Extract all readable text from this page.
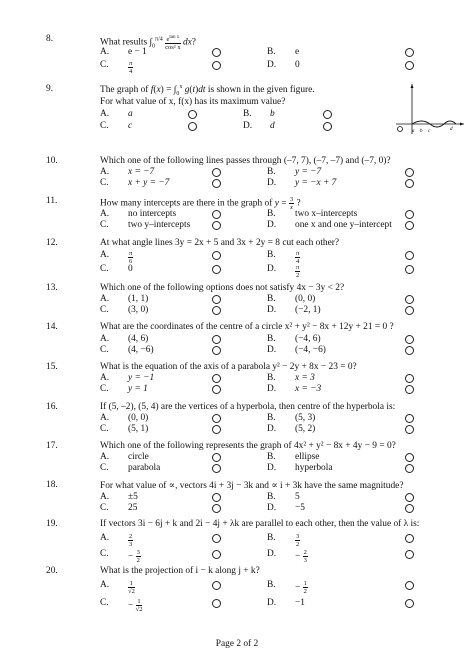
8.	What results $\int_0^{\pi/4} \frac{e^{tan x}}{\text{cos² x}}$ dx?
A. e − 1	B. e
C.	$\frac{\pi}{4}$	D. 0
9.	The graph of $f(x) = \int_0^x$ g(t)dt is shown in the given figure.
For what value of x, f(x) has its maximum value?
A. a	B. b
C. c	D. d
a b c	d
10.	Which one of the following lines passes through (–7, 7), (–7, –7) and (–7, 0)?
A. x = −7	B. y = −7
C. x + y = −7	D. y = −x + 7
11.	How many intercepts are there in the graph of $y = \frac{3}{x}$ ?
A. no intercepts	B. two x–intercepts
C. two y–intercepts	D. one x and one y–intercept
12.	At what angle lines 3y = 2x + 5 and 3x + 2y = 8 cut each other?
A.	$\frac{\pi}{6}$	B.	$\frac{\pi}{4}$
C. 0	D.	$\frac{\pi}{2}$
13.	Which one of the following options does not satisfy 4x − 3y < 2?
A. (1, 1)	B. (0, 0)
C. (3, 0)	D. (−2, 1)
14.	What are the coordinates of the centre of a circle x² + y² − 8x + 12y + 21 = 0 ?
A. (4, 6)	B. (−4, 6)
C. (4, −6)	D. (−4, −6)
15.	What is the equation of the axis of a parabola y² − 2y + 8x − 23 = 0?
A. y = −1	B. x = 3
C. y = 1	D. x = −3
16.	If (5, –2), (5, 4) are the vertices of a hyperbola, then centre of the hyperbola is:
A. (0, 0)	B. (5, 3)
C. (5, 1)	D. (5, 2)
17.	Which one of the following represents the graph of 4x² + y² − 8x + 4y − 9 = 0?
A. circle	B. ellipse
C. parabola	D. hyperbola
18.	For what value of ∝, vectors 4i + 3j − 3k and ∝ i + 3k have the same magnitude?
A. ±5	B. 5
C. 25	D. −5
19.	If vectors 3i − 6j + k and 2i − 4j + λk are parallel to each other, then the value of λ is:
A.	$\frac{2}{3}$	B.	$\frac{3}{2}$
C. − $\frac{3}{2}$	D. − $\frac{2}{3}$
20.	What is the projection of i − k along j + k?
A.	$\frac{1}{√2}$	B. − $\frac{1}{2}$
C. − $\frac{1}{√2}$	D. −1
Page 2 of 2
